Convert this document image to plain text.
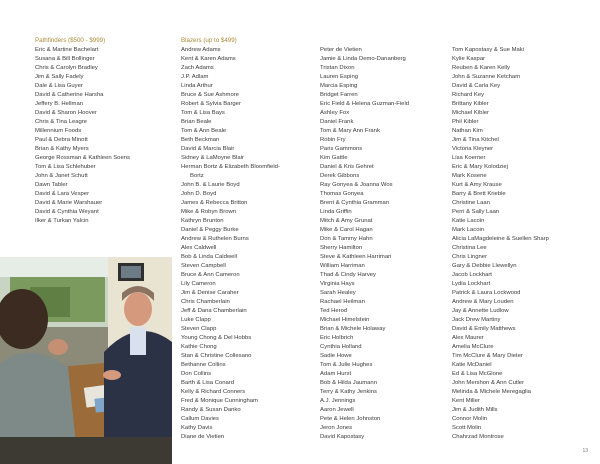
Pathfinders ($500 - $999)
Eric & Martine Bachelart
Susana & Bill Bollinger
Chris & Carolyn Bradley
Jim & Sally Fadely
Dale & Lisa Guyer
David & Catherine Harsha
Jeffery B. Hellman
David & Sharon Hoover
Chris & Tina Leagre
Millennium Foods
Paul & Debra Minott
Brian & Kathy Myers
George Rossman & Kathleen Soens
Tom & Lisa Schlehuber
John & Janet Schutt
Dawn Tabler
David & Lara Vesper
David & Marie Warshauer
David & Cynthia Weyant
Ilker & Turkan Yalcin
Blazers (up to $499)
Andrew Adams
Kent & Karen Adams
Zach Adams
J.P. Adlam
Linda Arthur
Bruce & Sue Ashmore
Robert & Sylvia Barger
Tom & Lisa Bays
Brian Beale
Tom & Ann Beale
Beth Beckman
David & Marcia Blair
Sidney & LaMoyne Blair
Herman Bortz & Elizabeth Bloomfield-
Bortz
John B. & Laurie Boyd
John D. Boyd
James & Rebecca Britton
Mike & Robyn Brown
Kathryn Brunton
Daniel & Peggy Burke
Andrew & Ruthelen Burns
Alex Caldwell
Bob & Linda Caldwell
Steven Campbell
Bruce & Ann Cameron
Lily Cameron
Jim & Denise Caraher
Chris Chamberlain
Jeff & Dana Chamberlain
Luke Clapp
Steven Clapp
Young Chong & Del Hobbs
Kathie Chong
Stan & Christine Collesano
Bethanne Collins
Don Collins
Barth & Lisa Conard
Kelly & Richard Conners
Fred & Monique Cunningham
Randy & Susan Danko
Callum Davies
Kathy Davis
Diane de Vietien

Peter de Vietien
Jamie & Linda Demo-Dananberg
Tristan Dixon
Lauren Esping
Marcia Esping
Bridget Farren
Eric Field & Helena Guzman-Field
Ashley Fox
Daniel Frank
Tom & Mary Ann Frank
Robin Fry
Paris Gammons
Kim Gattle
Daniel & Kris Gehret
Derek Gibbons
Ray Gonyea & Joanna Wos
Thomas Gonyea
Brent & Cynthia Gramman
Linda Griffin
Mitch & Amy Grunat
Mike & Carol Hagan
Don & Tammy Hahn
Sherry Hamilton
Steve & Kathleen Harriman
William Harriman
Thad & Cindy Harvey
Virginia Hays
Sarah Healey
Rachael Heilman
Ted Herod
Michael Himelstein
Brian & Michele Holaway
Eric Holbrich
Cynthia Holland
Sadie Howe
Tom & Julie Hughes
Adam Hurst
Bob & Hilda Jaumann
Terry & Kathy Jenkins
A.J. Jennings
Aaron Jewell
Pete & Helen Johnston
Jeron Jones
David Kapostasy

Tom Kapostasy & Sue Maki
Kylie Kaspar
Reuben & Karen Kelly
John & Suzanne Ketcham
David & Carla Key
Richard Key
Brittany Kibler
Michael Kibler
Phil Kibler
Nathan Kim
Jim & Tina Kitchel
Victoria Kleyner
Lisa Koerner
Eric & Mary Kolodziej
Mark Kosene
Kurt & Amy Krause
Barry & Brett Krieble
Christine Laan
Perri & Sally Laan
Katie Lacoin
Mark Lacoin
Alicia LaMagdeleine & Suellen Sharp
Christina Lee
Chris Lingner
Gary & Debbie Llewellyn
Jacob Lockhart
Lydia Lockhart
Patrick & Laura Lockwood
Andrew & Mary Louden
Jay & Annette Ludlow
Jack Drew Martiny
David & Emily Matthews
Alex Maurer
Amelia McClure
Tim McClure & Mary Dieter
Katie McDaniel
Ed & Lisa McGlone
John Mershon & Ann Cutler
Melinda & Michele Meregaglia
Kent Miller
Jim & Judith Mills
Connor Molin
Scott Molin
Chahrzad Montrose
13
